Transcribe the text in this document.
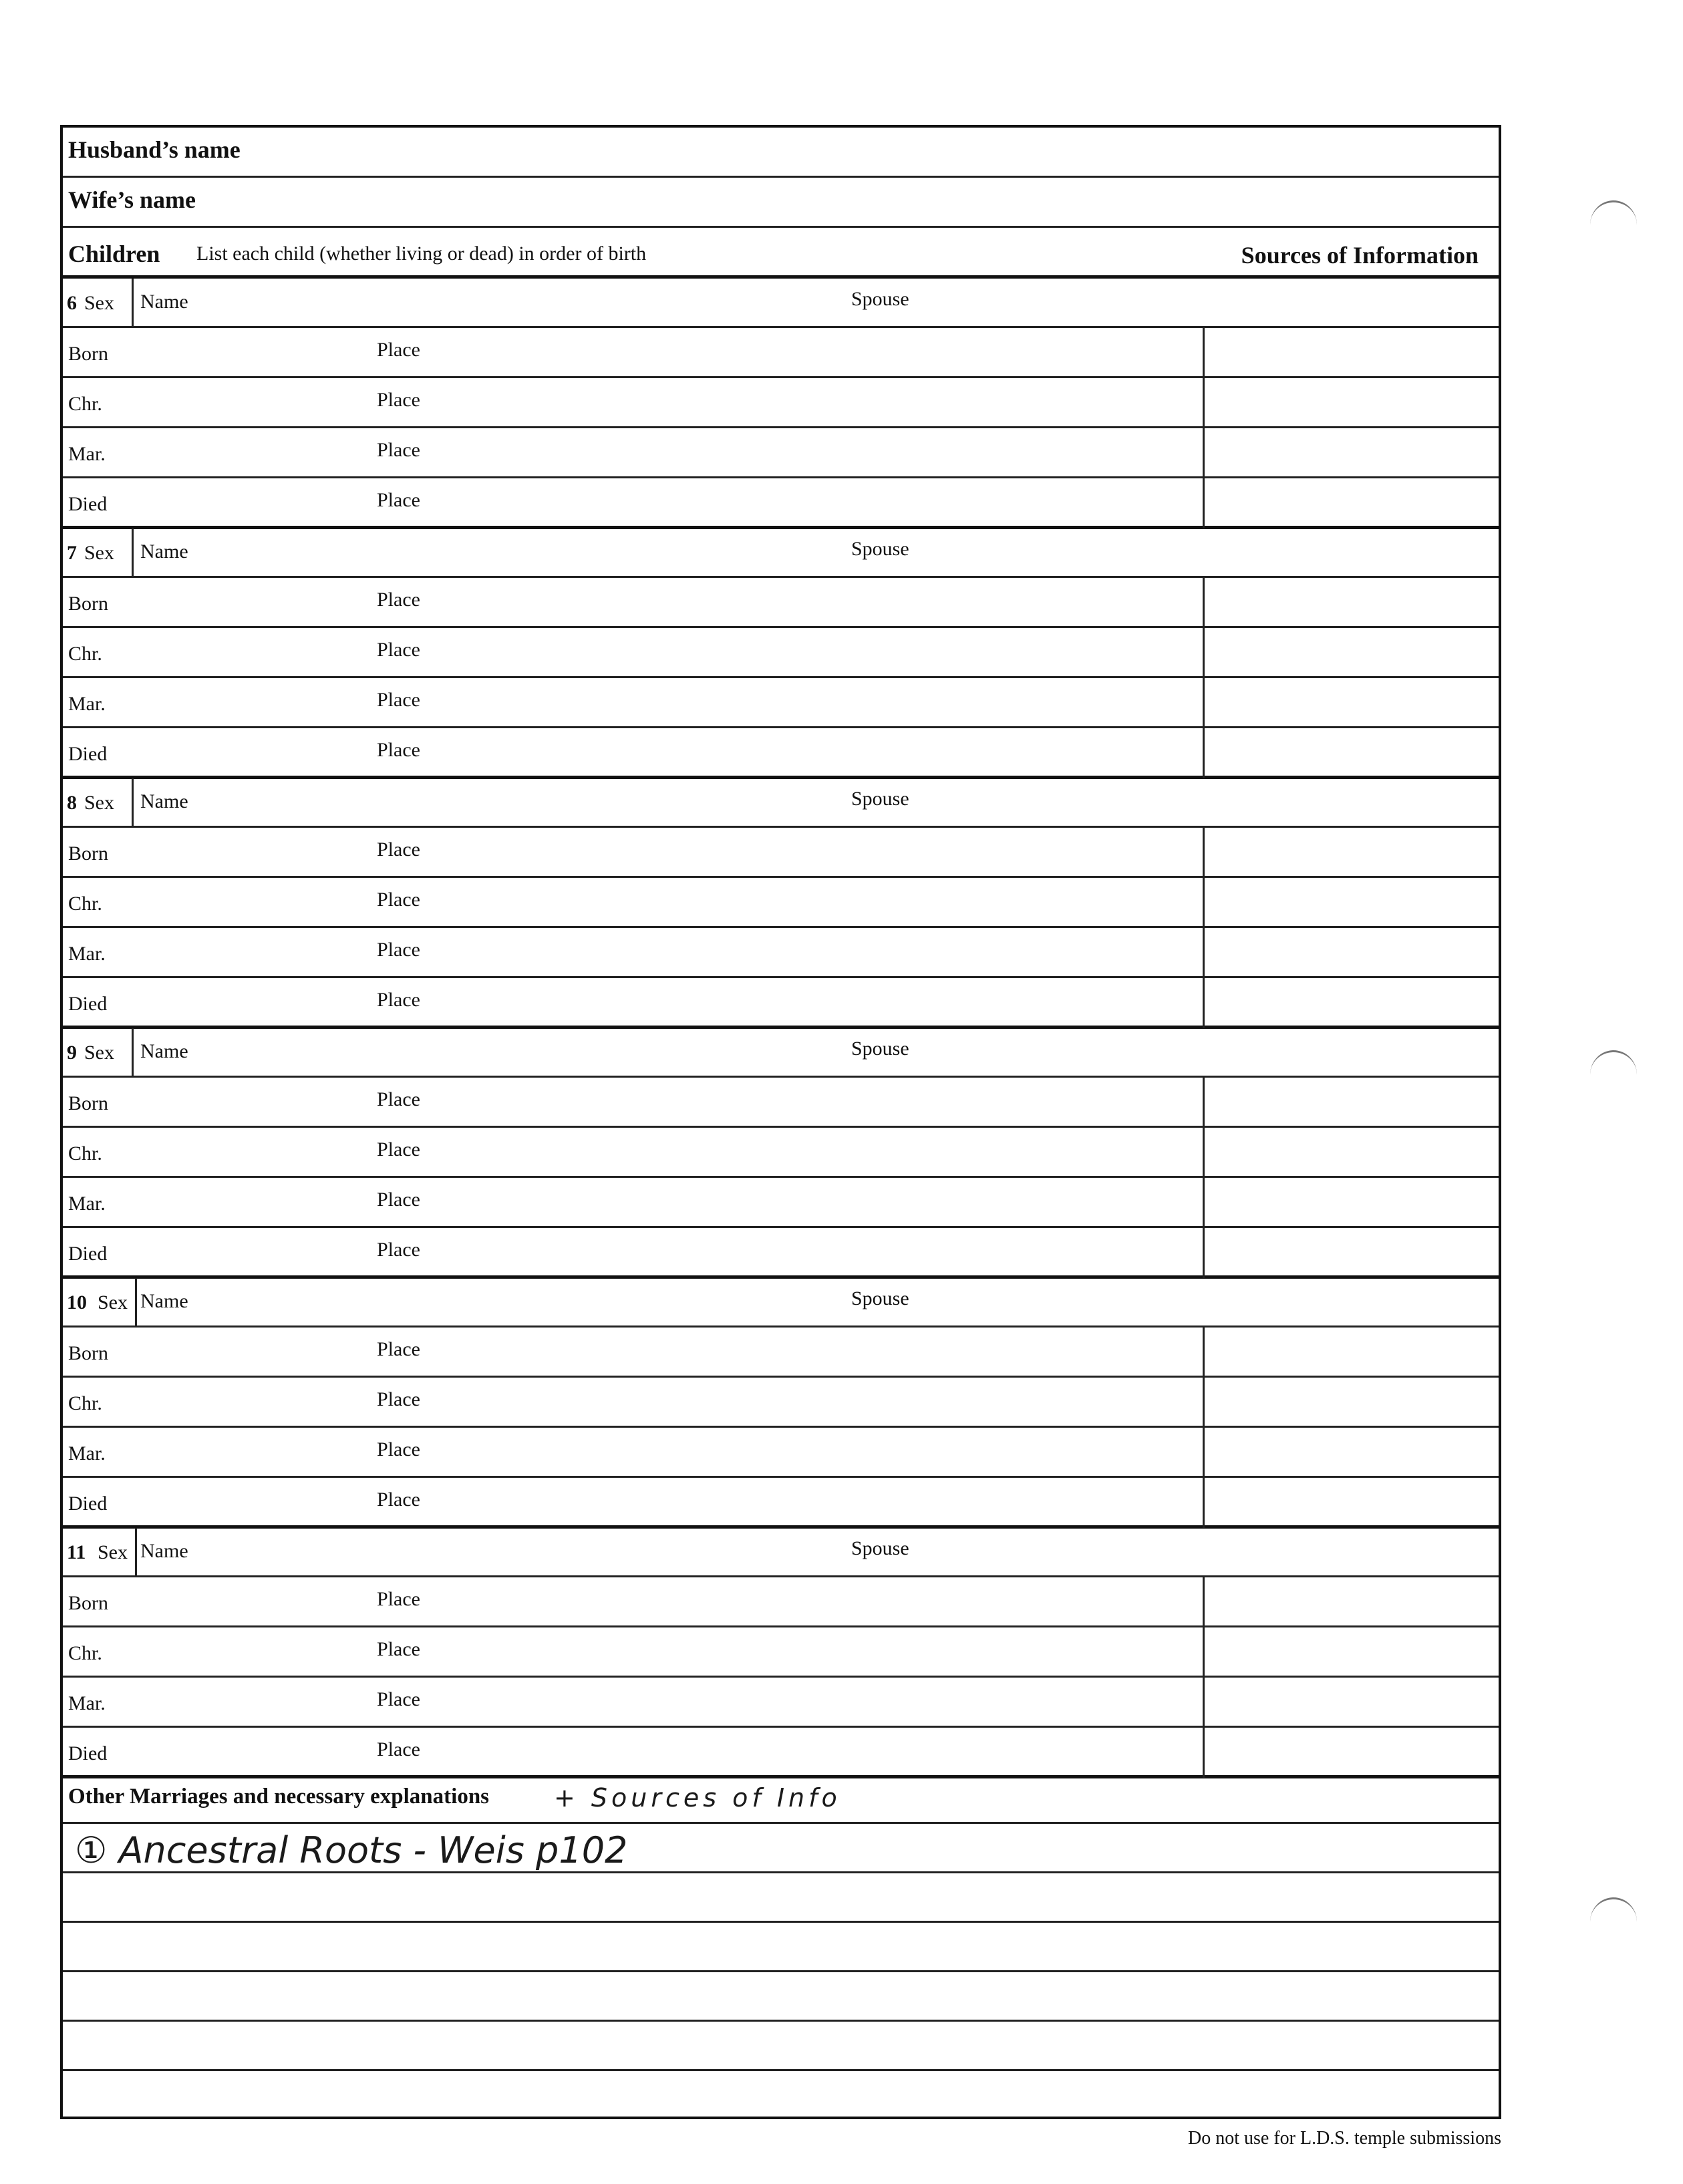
Husband’s name
Wife’s name
Children List each child (whether living or dead) in order of birth	Sources of Information
6 Sex Name	Spouse
Born	Place
Chr.	Place
Mar.	Place
Died	Place
7 Sex Name	Spouse
Born	Place
Chr.	Place
Mar.	Place
Died	Place
8 Sex Name	Spouse
Born	Place
Chr.	Place
Mar.	Place
Died	Place
9 Sex Name	Spouse
Born	Place
Chr.	Place
Mar.	Place
Died	Place
10 Sex Name	Spouse
Born	Place
Chr.	Place
Mar.	Place
Died	Place
11 Sex Name	Spouse
Born	Place
Chr.	Place
Mar.	Place
Died	Place
Other Marriages and necessary explanations	+ Sources of Info
① Ancestral Roots - Weis p102
Do not use for L.D.S. temple submissions
